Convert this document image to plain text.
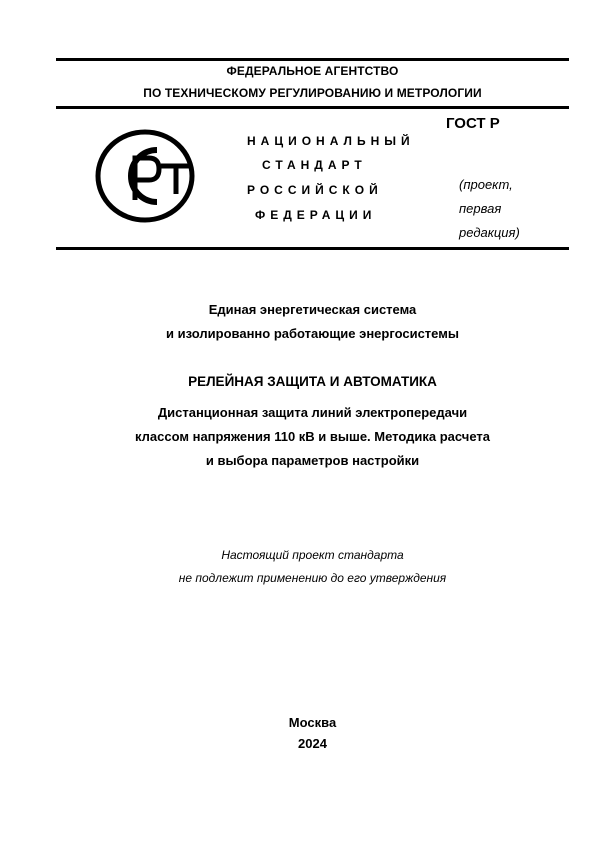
ФЕДЕРАЛЬНОЕ АГЕНТСТВО
ПО ТЕХНИЧЕСКОМУ РЕГУЛИРОВАНИЮ И МЕТРОЛОГИИ
НАЦИОНАЛЬНЫЙ
СТАНДАРТ
РОССИЙСКОЙ
ФЕДЕРАЦИИ
ГОСТ Р
(проект,
первая
редакция)
Единая энергетическая система
и изолированно работающие энергосистемы
РЕЛЕЙНАЯ ЗАЩИТА И АВТОМАТИКА
Дистанционная защита линий электропередачи
классом напряжения 110 кВ и выше. Методика расчета
и выбора параметров настройки
Настоящий проект стандарта
не подлежит применению до его утверждения
Москва
2024
